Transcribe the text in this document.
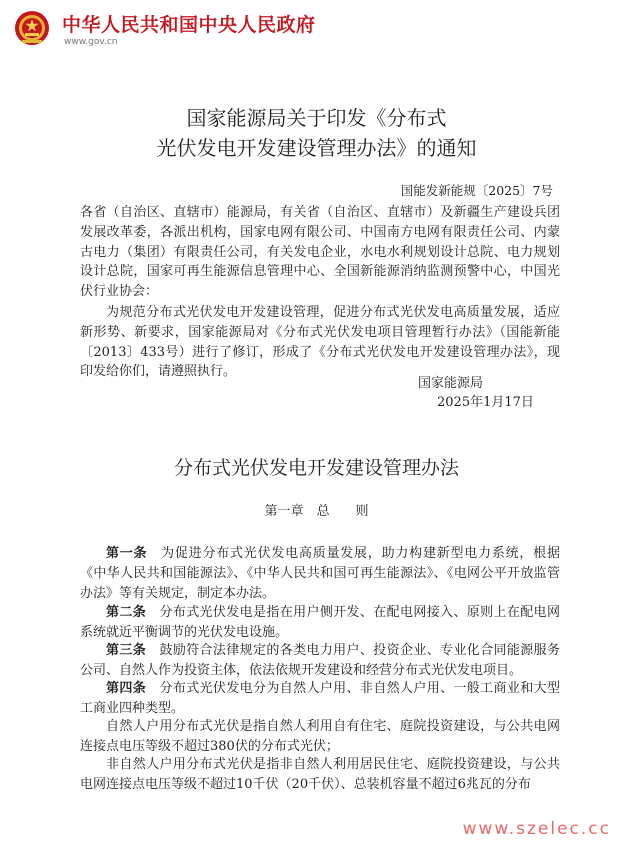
中华人民共和国中央人民政府
www.gov.cn
国家能源局关于印发《分布式
光伏发电开发建设管理办法》的通知
国能发新能规〔2025〕7号

各省（自治区、直辖市）能源局，有关省（自治区、直辖市）及新疆生产建设兵团发展改革委，各派出机构，国家电网有限公司、中国南方电网有限责任公司、内蒙古电力（集团）有限责任公司，有关发电企业，水电水利规划设计总院、电力规划设计总院，国家可再生能源信息管理中心、全国新能源消纳监测预警中心，中国光伏行业协会：

为规范分布式光伏发电开发建设管理，促进分布式光伏发电高质量发展，适应新形势、新要求，国家能源局对《分布式光伏发电项目管理暂行办法》（国能新能〔2013〕433号）进行了修订，形成了《分布式光伏发电开发建设管理办法》，现印发给你们，请遵照执行。

国家能源局
2025年1月17日
分布式光伏发电开发建设管理办法
第一章　总　　则

第一条　 为促进分布式光伏发电高质量发展，助力构建新型电力系统，根据《中华人民共和国能源法》、《中华人民共和国可再生能源法》、《电网公平开放监管办法》等有关规定，制定本办法。

第二条　 分布式光伏发电是指在用户侧开发、在配电网接入、原则上在配电网系统就近平衡调节的光伏发电设施。

第三条　 鼓励符合法律规定的各类电力用户、投资企业、专业化合同能源服务公司、自然人作为投资主体，依法依规开发建设和经营分布式光伏发电项目。

第四条　 分布式光伏发电分为自然人户用、非自然人户用、一般工商业和大型工商业四种类型。

自然人户用分布式光伏是指自然人利用自有住宅、庭院投资建设，与公共电网连接点电压等级不超过380伏的分布式光伏；

非自然人户用分布式光伏是指非自然人利用居民住宅、庭院投资建设，与公共电网连接点电压等级不超过10千伏（20千伏）、总装机容量不超过6兆瓦的分布

www.szelec.cc
